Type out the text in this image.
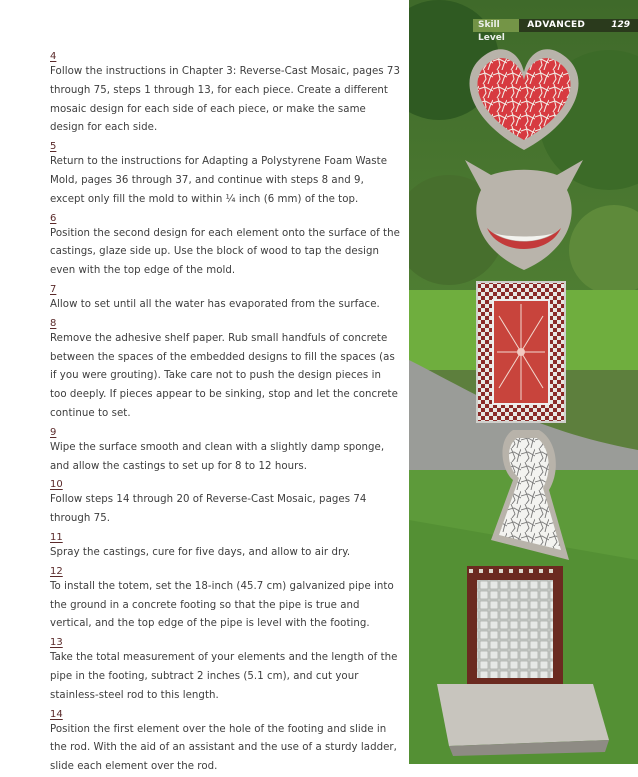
4
Follow the instructions in Chapter 3: Reverse-Cast Mosaic, pages 73 through 75, steps 1 through 13, for each piece. Create a different mosaic design for each side of each piece, or make the same design for each side.
5
Return to the instructions for Adapting a Polystyrene Foam Waste Mold, pages 36 through 37, and continue with steps 8 and 9, except only fill the mold to within ¼ inch (6 mm) of the top.
6
Position the second design for each element onto the surface of the castings, glaze side up. Use the block of wood to tap the design even with the top edge of the mold.
7
Allow to set until all the water has evaporated from the surface.
8
Remove the adhesive shelf paper. Rub small handfuls of concrete between the spaces of the embedded designs to fill the spaces (as if you were grouting). Take care not to push the design pieces in too deeply. If pieces appear to be sinking, stop and let the concrete continue to set.
9
Wipe the surface smooth and clean with a slightly damp sponge, and allow the castings to set up for 8 to 12 hours.
10
Follow steps 14 through 20 of Reverse-Cast Mosaic, pages 74 through 75.
11
Spray the castings, cure for five days, and allow to air dry.
12
To install the totem, set the 18-inch (45.7 cm) galvanized pipe into the ground in a concrete footing so that the pipe is true and vertical, and the top edge of the pipe is level with the footing.
13
Take the total measurement of your elements and the length of the pipe in the footing, subtract 2 inches (5.1 cm), and cut your stainless-steel rod to this length.
14
Position the first element over the hole of the footing and slide in the rod. With the aid of an assistant and the use of a sturdy ladder, slide each element over the rod.
Skill Level
ADVANCED	129
